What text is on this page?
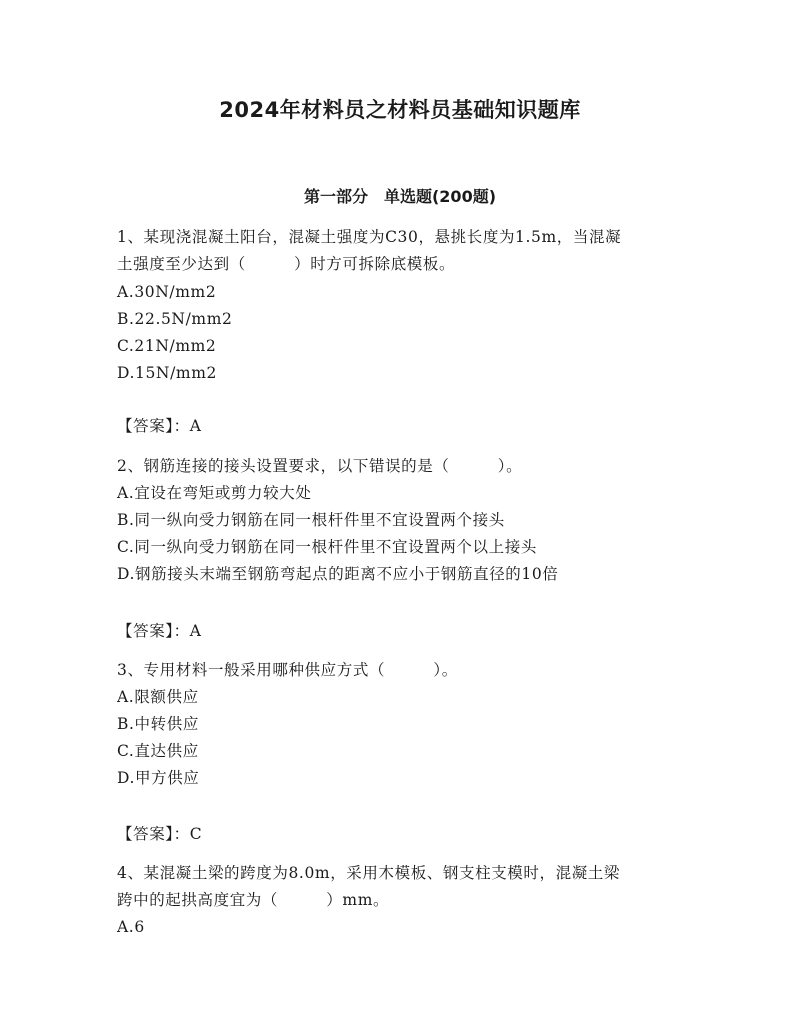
2024年材料员之材料员基础知识题库
第一部分　单选题(200题)
1、某现浇混凝土阳台，混凝土强度为C30，悬挑长度为1.5m，当混凝
土强度至少达到（　　　）时方可拆除底模板。
A.30N/mm2
B.22.5N/mm2
C.21N/mm2
D.15N/mm2
【答案】：A
2、钢筋连接的接头设置要求，以下错误的是（　　　）。
A.宜设在弯矩或剪力较大处
B.同一纵向受力钢筋在同一根杆件里不宜设置两个接头
C.同一纵向受力钢筋在同一根杆件里不宜设置两个以上接头
D.钢筋接头末端至钢筋弯起点的距离不应小于钢筋直径的10倍
【答案】：A
3、专用材料一般采用哪种供应方式（　　　）。
A.限额供应
B.中转供应
C.直达供应
D.甲方供应
【答案】：C
4、某混凝土梁的跨度为8.0m，采用木模板、钢支柱支模时，混凝土梁
跨中的起拱高度宜为（　　　）mm。
A.6
